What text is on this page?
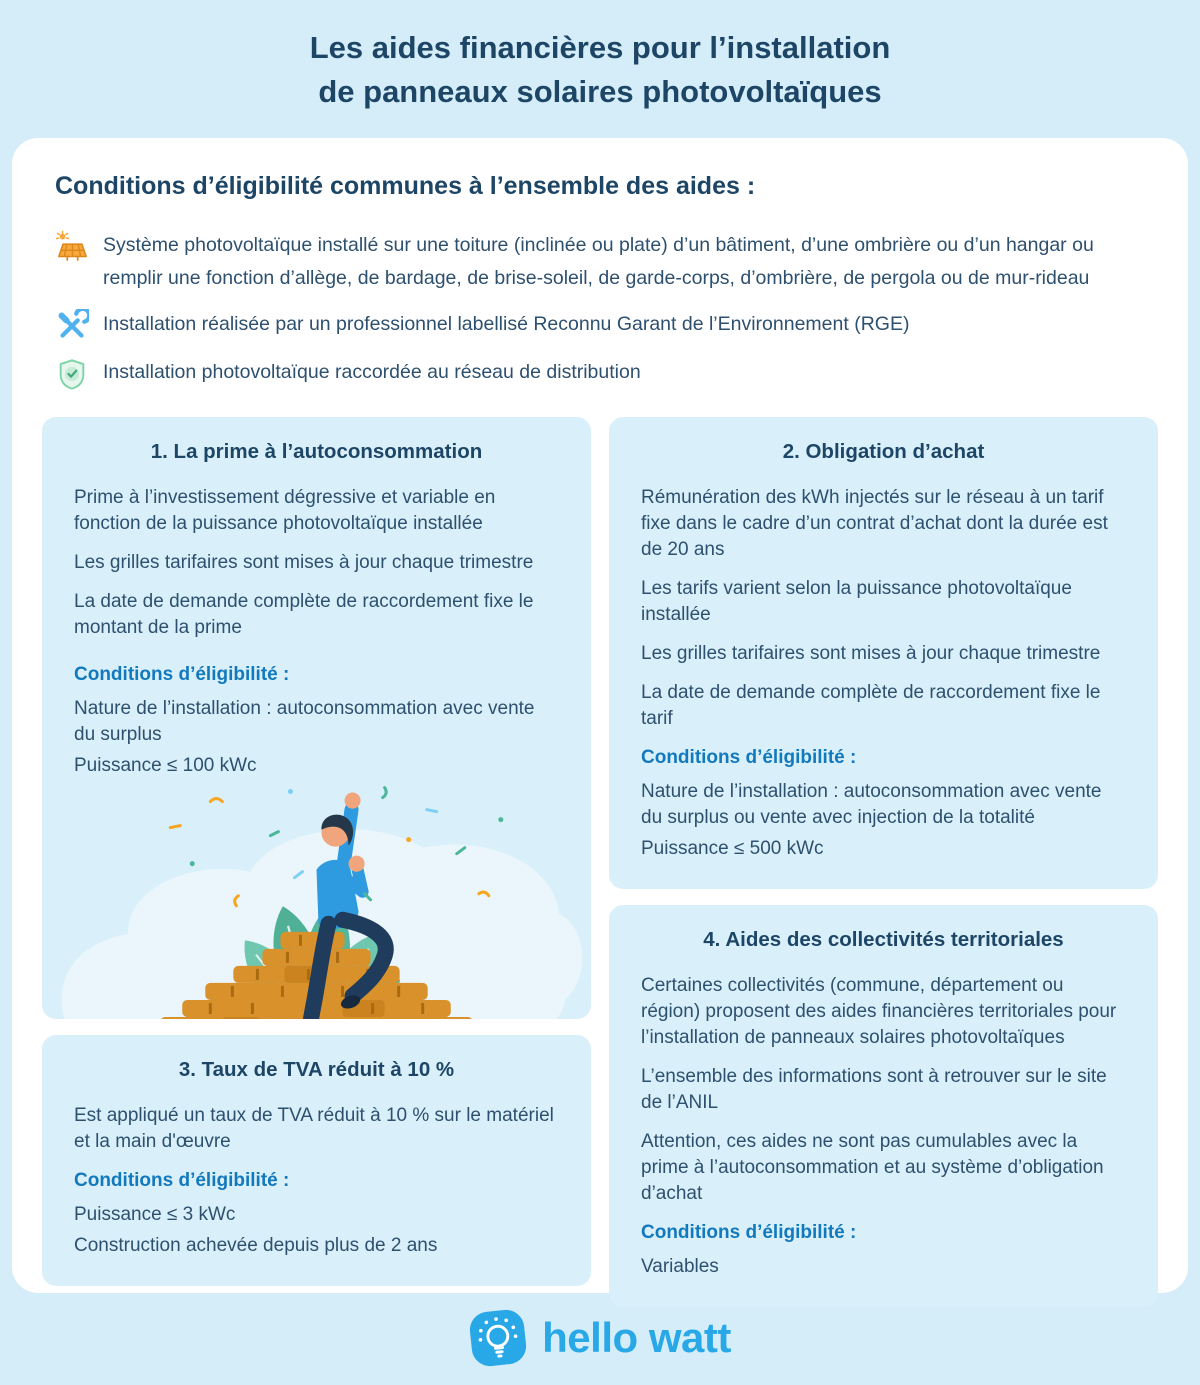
Les aides financières pour l’installation
de panneaux solaires photovoltaïques
Conditions d’éligibilité communes à l’ensemble des aides :

Système photovoltaïque installé sur une toiture (inclinée ou plate) d’un bâtiment, d’une ombrière ou d’un hangar ou remplir une fonction d’allège, de bardage, de brise-soleil, de garde-corps, d’ombrière, de pergola ou de mur-rideau

Installation réalisée par un professionnel labellisé Reconnu Garant de l’Environnement (RGE)

Installation photovoltaïque raccordée au réseau de distribution

1. La prime à l’autoconsommation

Prime à l’investissement dégressive et variable en fonction de la puissance photovoltaïque installée

Les grilles tarifaires sont mises à jour chaque trimestre

La date de demande complète de raccordement fixe le montant de la prime

Conditions d’éligibilité :

Nature de l’installation : autoconsommation avec vente du surplus

Puissance ≤ 100 kWc

3. Taux de TVA réduit à 10 %

Est appliqué un taux de TVA réduit à 10 % sur le matériel et la main d'œuvre

Conditions d’éligibilité :

Puissance ≤ 3 kWc

Construction achevée depuis plus de 2 ans

2. Obligation d’achat

Rémunération des kWh injectés sur le réseau à un tarif fixe dans le cadre d’un contrat d’achat dont la durée est de 20 ans

Les tarifs varient selon la puissance photovoltaïque installée

Les grilles tarifaires sont mises à jour chaque trimestre

La date de demande complète de raccordement fixe le tarif

Conditions d’éligibilité :

Nature de l’installation : autoconsommation avec vente du surplus ou vente avec injection de la totalité

Puissance ≤ 500 kWc

4. Aides des collectivités territoriales

Certaines collectivités (commune, département ou région) proposent des aides financières territoriales pour l’installation de panneaux solaires photovoltaïques

L’ensemble des informations sont à retrouver sur le site de l’ANIL

Attention, ces aides ne sont pas cumulables avec la prime à l’autoconsommation et au système d’obligation d’achat

Conditions d’éligibilité :

Variables

hello watt
